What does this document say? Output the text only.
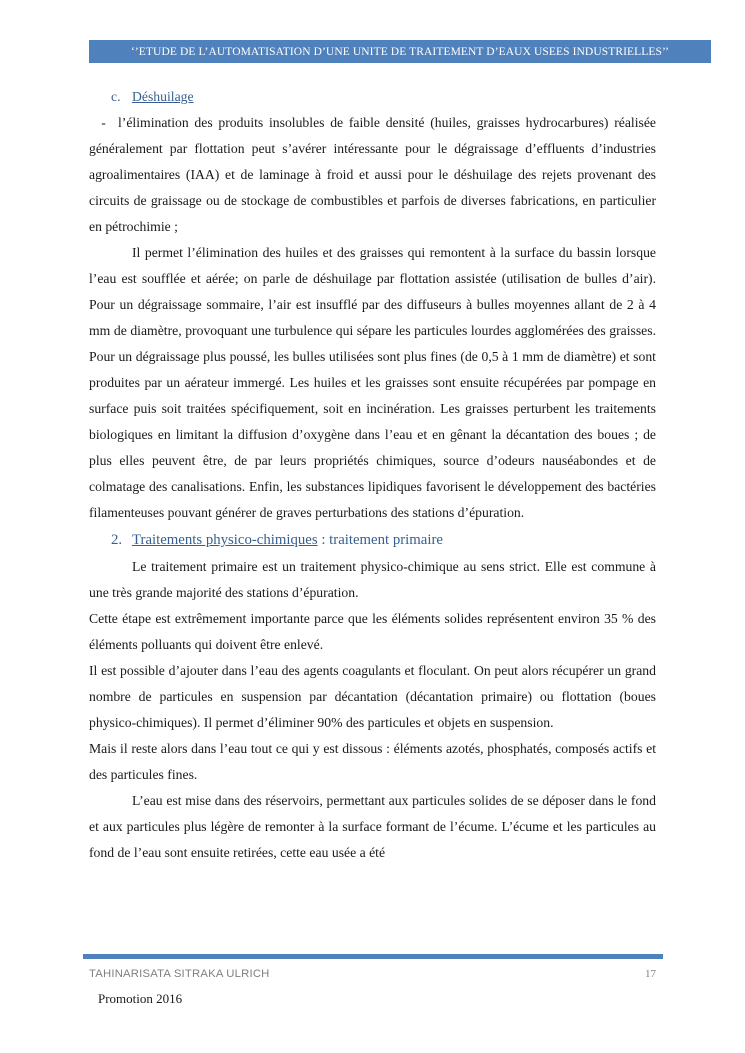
‘’ETUDE DE L’AUTOMATISATION D’UNE UNITE DE TRAITEMENT D’EAUX USEES INDUSTRIELLES’’

c. Déshuilage

- l’élimination des produits insolubles de faible densité (huiles, graisses hydrocarbures) réalisée généralement par flottation peut s’avérer intéressante pour le dégraissage d’effluents d’industries agroalimentaires (IAA) et de laminage à froid et aussi pour le déshuilage des rejets provenant des circuits de graissage ou de stockage de combustibles et parfois de diverses fabrications, en particulier en pétrochimie ;

Il permet l’élimination des huiles et des graisses qui remontent à la surface du bassin lorsque l’eau est soufflée et aérée; on parle de déshuilage par flottation assistée (utilisation de bulles d’air). Pour un dégraissage sommaire, l’air est insufflé par des diffuseurs à bulles moyennes allant de 2 à 4 mm de diamètre, provoquant une turbulence qui sépare les particules lourdes agglomérées des graisses. Pour un dégraissage plus poussé, les bulles utilisées sont plus fines (de 0,5 à 1 mm de diamètre) et sont produites par un aérateur immergé. Les huiles et les graisses sont ensuite récupérées par pompage en surface puis soit traitées spécifiquement, soit en incinération. Les graisses perturbent les traitements biologiques en limitant la diffusion d’oxygène dans l’eau et en gênant la décantation des boues ; de plus elles peuvent être, de par leurs propriétés chimiques, source d’odeurs nauséabondes et de colmatage des canalisations. Enfin, les substances lipidiques favorisent le développement des bactéries filamenteuses pouvant générer de graves perturbations des stations d’épuration.

2. Traitements physico-chimiques : traitement primaire

Le traitement primaire est un traitement physico-chimique au sens strict. Elle est commune à une très grande majorité des stations d’épuration.

Cette étape est extrêmement importante parce que les éléments solides représentent environ 35 % des éléments polluants qui doivent être enlevé.

Il est possible d’ajouter dans l’eau des agents coagulants et floculant. On peut alors récupérer un grand nombre de particules en suspension par décantation (décantation primaire) ou flottation (boues physico-chimiques). Il permet d’éliminer 90% des particules et objets en suspension.

Mais il reste alors dans l’eau tout ce qui y est dissous : éléments azotés, phosphatés, composés actifs et des particules fines.

L’eau est mise dans des réservoirs, permettant aux particules solides de se déposer dans le fond et aux particules plus légère de remonter à la surface formant de l’écume. L’écume et les particules au fond de l’eau sont ensuite retirées, cette eau usée a été

TAHINARISATA SITRAKA ULRICH	17
Promotion 2016
